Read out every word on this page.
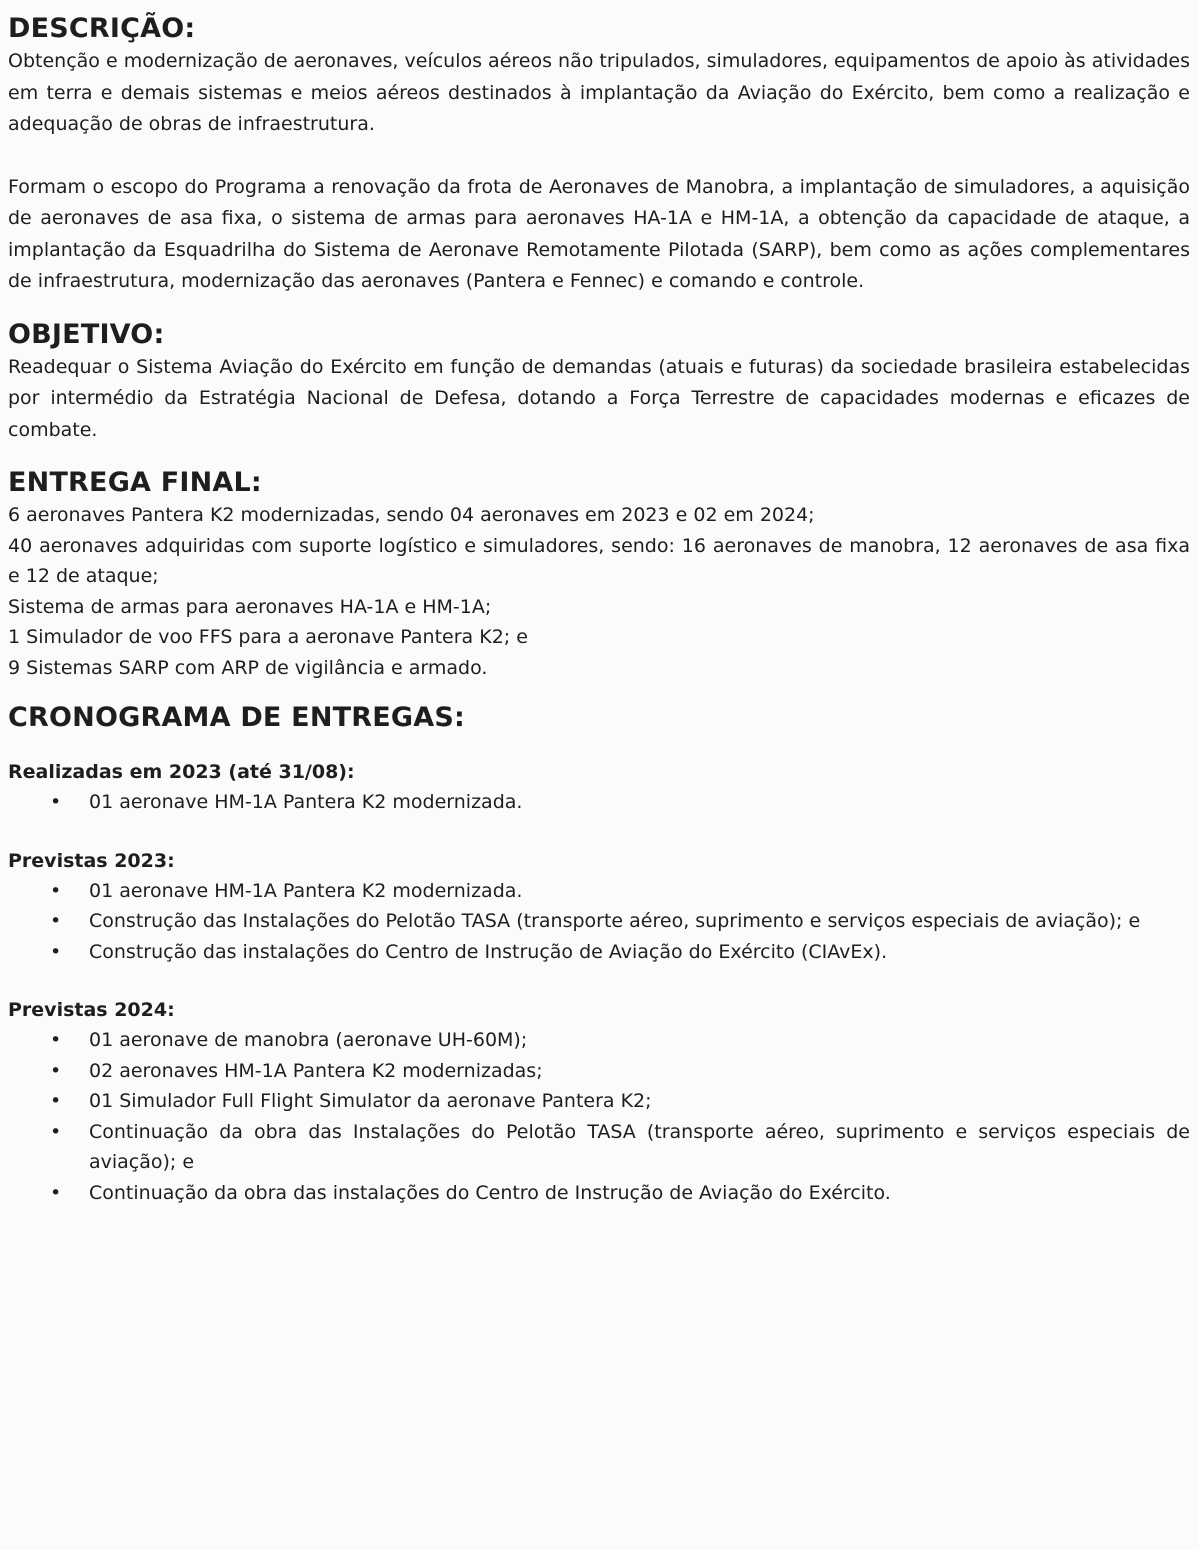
DESCRIÇÃO:

Obtenção e modernização de aeronaves, veículos aéreos não tripulados, simuladores, equipamentos de apoio às atividades em terra e demais sistemas e meios aéreos destinados à implantação da Aviação do Exército, bem como a realização e adequação de obras de infraestrutura.

Formam o escopo do Programa a renovação da frota de Aeronaves de Manobra, a implantação de simuladores, a aquisição de aeronaves de asa fixa, o sistema de armas para aeronaves HA-1A e HM-1A, a obtenção da capacidade de ataque, a implantação da Esquadrilha do Sistema de Aeronave Remotamente Pilotada (SARP), bem como as ações complementares de infraestrutura, modernização das aeronaves (Pantera e Fennec) e comando e controle.

OBJETIVO:

Readequar o Sistema Aviação do Exército em função de demandas (atuais e futuras) da sociedade brasileira estabelecidas por intermédio da Estratégia Nacional de Defesa, dotando a Força Terrestre de capacidades modernas e eficazes de combate.

ENTREGA FINAL:

6 aeronaves Pantera K2 modernizadas, sendo 04 aeronaves em 2023 e 02 em 2024;

40 aeronaves adquiridas com suporte logístico e simuladores, sendo: 16 aeronaves de manobra, 12 aeronaves de asa fixa e 12 de ataque;

Sistema de armas para aeronaves HA-1A e HM-1A;

1 Simulador de voo FFS para a aeronave Pantera K2; e

9 Sistemas SARP com ARP de vigilância e armado.

CRONOGRAMA DE ENTREGAS:

Realizadas em 2023 (até 31/08):

• 01 aeronave HM-1A Pantera K2 modernizada.

Previstas 2023:

• 01 aeronave HM-1A Pantera K2 modernizada.
• Construção das Instalações do Pelotão TASA (transporte aéreo, suprimento e serviços especiais de aviação); e
• Construção das instalações do Centro de Instrução de Aviação do Exército (CIAvEx).

Previstas 2024:

• 01 aeronave de manobra (aeronave UH-60M);
• 02 aeronaves HM-1A Pantera K2 modernizadas;
• 01 Simulador Full Flight Simulator da aeronave Pantera K2;
• Continuação da obra das Instalações do Pelotão TASA (transporte aéreo, suprimento e serviços especiais de aviação); e
• Continuação da obra das instalações do Centro de Instrução de Aviação do Exército.
